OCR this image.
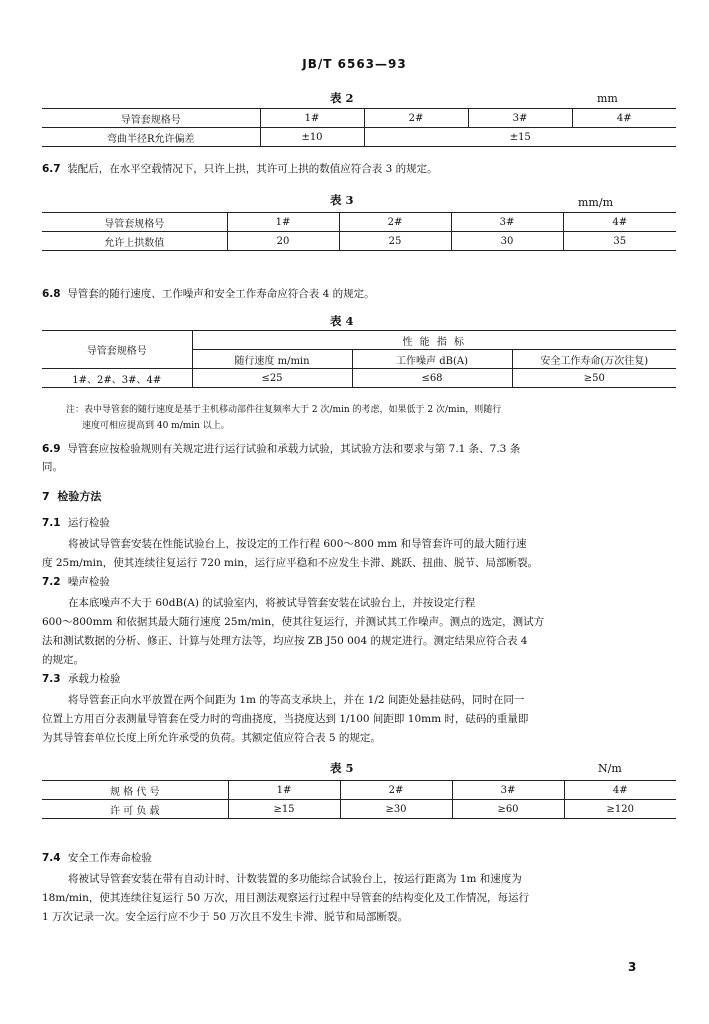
JB/T 6563—93
表 2	mm
导管套规格号	1#	2#	3#	4#
弯曲半径R允许偏差	±10	±15		
6.7 装配后，在水平空载情况下，只许上拱，其许可上拱的数值应符合表 3 的规定。
表 3	mm/m
导管套规格号	1#	2#	3#	4#
允许上拱数值	20	25	30	35
6.8 导管套的随行速度、工作噪声和安全工作寿命应符合表 4 的规定。
表 4
导管套规格号	性 能 指 标		
	随行速度 m/min	工作噪声 dB(A)	安全工作寿命(万次往复)
1#、2#、3#、4#	≤25	≤68	≥50
注：表中导管套的随行速度是基于主机移动部件往复频率大于 2 次/min 的考虑，如果低于 2 次/min，则随行
速度可相应提高到 40 m/min 以上。
6.9 导管套应按检验规则有关规定进行运行试验和承载力试验，其试验方法和要求与第 7.1 条、7.3 条
同。
7 检验方法
7.1 运行检验
将被试导管套安装在性能试验台上，按设定的工作行程 600～800 mm 和导管套许可的最大随行速
度 25m/min，使其连续往复运行 720 min，运行应平稳和不应发生卡滞、跳跃、扭曲、脱节、局部断裂。
7.2 噪声检验
在本底噪声不大于 60dB(A) 的试验室内，将被试导管套安装在试验台上，并按设定行程
600～800mm 和依据其最大随行速度 25m/min，使其往复运行，并测试其工作噪声。测点的选定，测试方
法和测试数据的分析、修正、计算与处理方法等，均应按 ZB J50 004 的规定进行。测定结果应符合表 4
的规定。
7.3 承载力检验
将导管套正向水平放置在两个间距为 1m 的等高支承块上，并在 1/2 间距处悬挂砝码，同时在同一
位置上方用百分表测量导管套在受力时的弯曲挠度，当挠度达到 1/100 间距即 10mm 时，砝码的重量即
为其导管套单位长度上所允许承受的负荷。其额定值应符合表 5 的规定。
表 5	N/m
规 格 代 号	1#	2#	3#	4#
许 可 负 载	≥15	≥30	≥60	≥120
7.4 安全工作寿命检验
将被试导管套安装在带有自动计时、计数装置的多功能综合试验台上，按运行距离为 1m 和速度为
18m/min，使其连续往复运行 50 万次，用目测法观察运行过程中导管套的结构变化及工作情况，每运行
1 万次记录一次。安全运行应不少于 50 万次且不发生卡滞、脱节和局部断裂。
3
